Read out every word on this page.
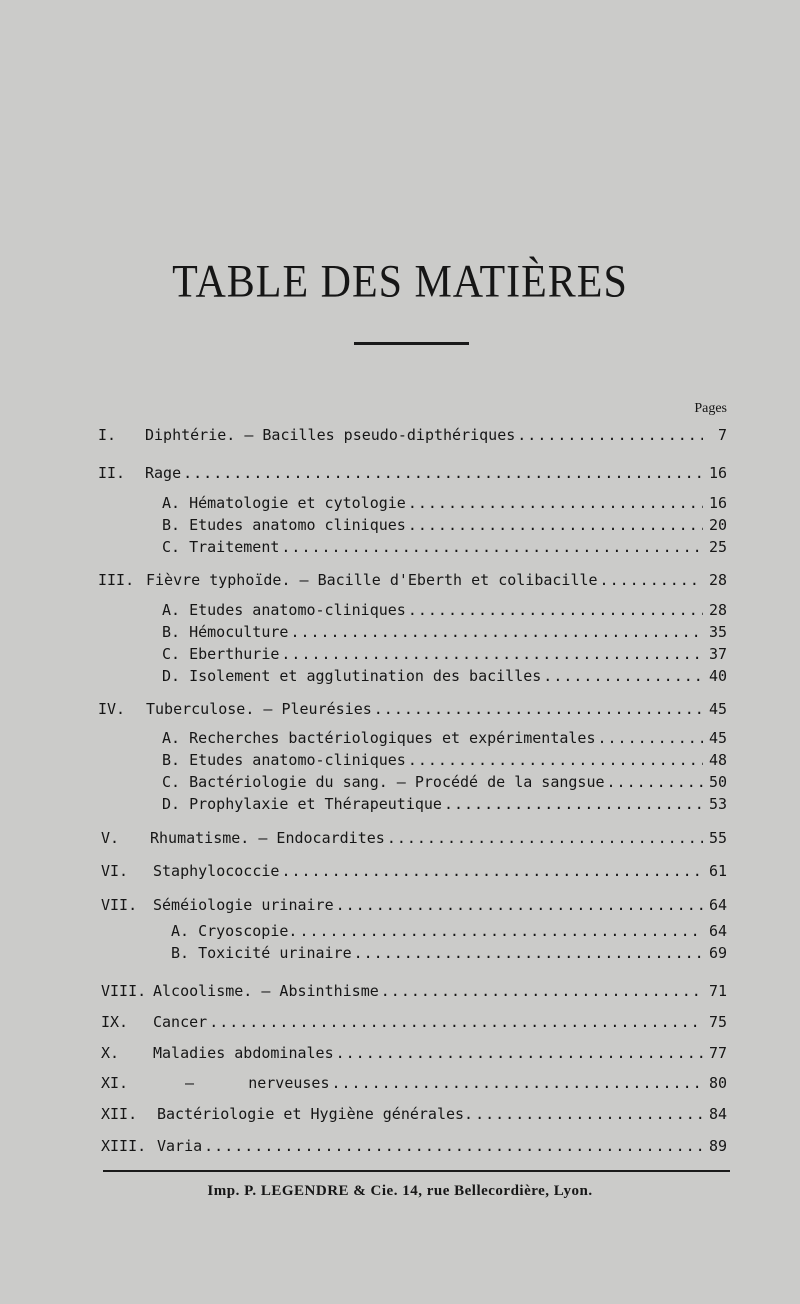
TABLE DES MATIÈRES
Pages
I. Diphtérie. — Bacilles pseudo-dipthériques .....	7
II. Rage .....	16
A. Hématologie et cytologie .....	16
B. Etudes anatomo cliniques .....	20
C. Traitement .....	25
III. Fièvre typhoïde. — Bacille d'Eberth et colibacille .....	28
A. Etudes anatomo-cliniques .....	28
B. Hémoculture .....	35
C. Eberthurie .....	37
D. Isolement et agglutination des bacilles .....	40
IV. Tuberculose. — Pleurésies .....	45
A. Recherches bactériologiques et expérimentales .....	45
B. Etudes anatomo-cliniques .....	48
C. Bactériologie du sang. — Procédé de la sangsue .....	50
D. Prophylaxie et Thérapeutique .....	53
V. Rhumatisme. — Endocardites .....	55
VI. Staphylococcie .....	61
VII. Séméiologie urinaire .....	64
A. Cryoscopie. .....	64
B. Toxicité urinaire .....	69
VIII. Alcoolisme. — Absinthisme .....	71
IX. Cancer .....	75
X. Maladies abdominales .....	77
XI.	—      nerveuses .....	80
XII. Bactériologie et Hygiène générales. .....	84
XIII. Varia .....	89
Imp. P. LEGENDRE & Cie. 14, rue Bellecordière, Lyon.
